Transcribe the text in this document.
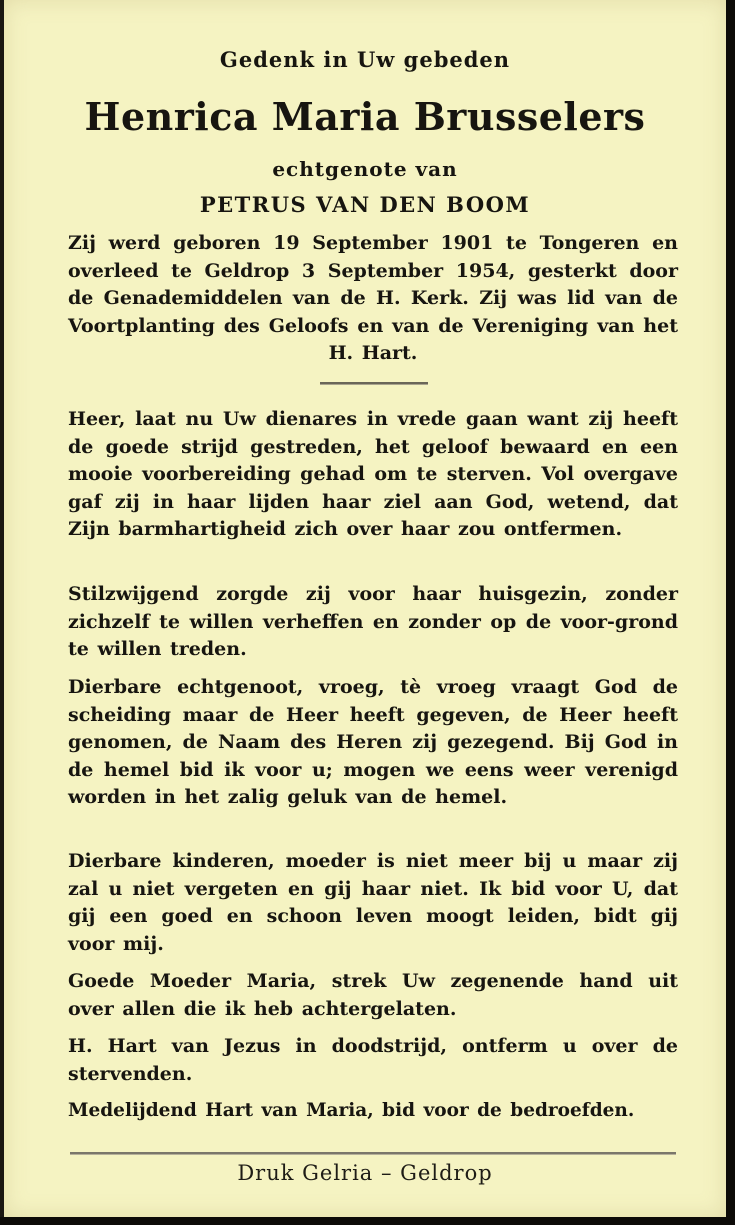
Gedenk in Uw gebeden
Henrica Maria Brusselers
echtgenote van
PETRUS VAN DEN BOOM
Zij werd geboren 19 September 1901 te Tongeren en overleed te Geldrop 3 September 1954, gesterkt door de Genademiddelen van de H. Kerk. Zij was lid van de Voortplanting des Geloofs en van de Vereniging van het H. Hart.
Heer, laat nu Uw dienares in vrede gaan want zij heeft de goede strijd gestreden, het geloof bewaard en een mooie voorbereiding gehad om te sterven. Vol overgave gaf zij in haar lijden haar ziel aan God, wetend, dat Zijn barmhartigheid zich over haar zou ontfermen.
Stilzwijgend zorgde zij voor haar huisgezin, zonder zichzelf te willen verheffen en zonder op de voor-grond te willen treden.
Dierbare echtgenoot, vroeg, tè vroeg vraagt God de scheiding maar de Heer heeft gegeven, de Heer heeft genomen, de Naam des Heren zij gezegend. Bij God in de hemel bid ik voor u; mogen we eens weer verenigd worden in het zalig geluk van de hemel.
Dierbare kinderen, moeder is niet meer bij u maar zij zal u niet vergeten en gij haar niet. Ik bid voor U, dat gij een goed en schoon leven moogt leiden, bidt gij voor mij.
Goede Moeder Maria, strek Uw zegenende hand uit over allen die ik heb achtergelaten.
H. Hart van Jezus in doodstrijd, ontferm u over de stervenden.
Medelijdend Hart van Maria, bid voor de bedroefden.
Druk Gelria – Geldrop
